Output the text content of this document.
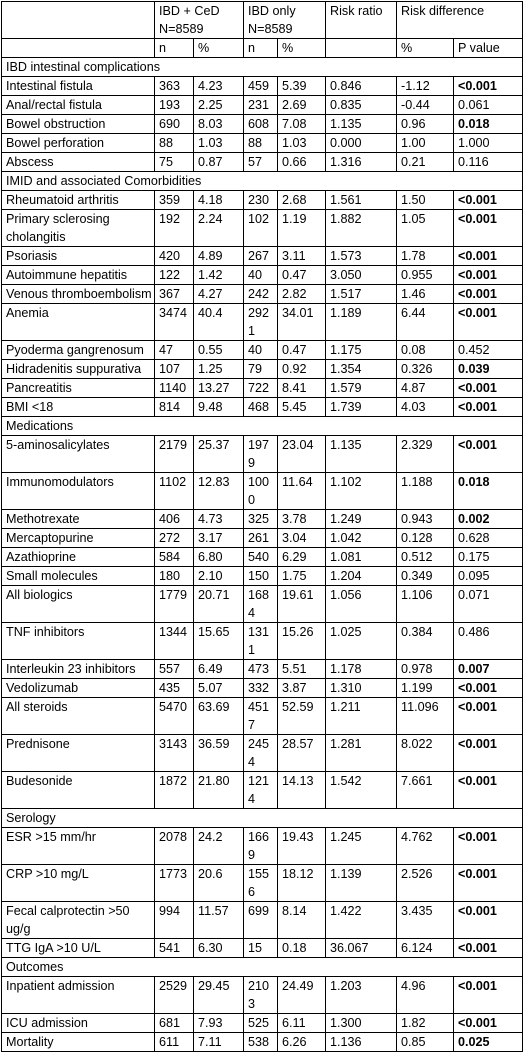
	IBD + CeD N=8589		IBD only N=8589		Risk ratio	Risk difference	
	n	%	n	%		%	P value
IBD intestinal complications							
Intestinal fistula	363	4.23	459	5.39	0.846	-1.12	<0.001
Anal/rectal fistula	193	2.25	231	2.69	0.835	-0.44	0.061
Bowel obstruction	690	8.03	608	7.08	1.135	0.96	0.018
Bowel perforation	88	1.03	88	1.03	0.000	1.00	1.000
Abscess	75	0.87	57	0.66	1.316	0.21	0.116
IMID and associated Comorbidities							
Rheumatoid arthritis	359	4.18	230	2.68	1.561	1.50	<0.001
Primary sclerosing cholangitis	192	2.24	102	1.19	1.882	1.05	<0.001
Psoriasis	420	4.89	267	3.11	1.573	1.78	<0.001
Autoimmune hepatitis	122	1.42	40	0.47	3.050	0.955	<0.001
Venous thromboembolism	367	4.27	242	2.82	1.517	1.46	<0.001
Anemia	3474	40.4	2921	34.01	1.189	6.44	<0.001
Pyoderma gangrenosum	47	0.55	40	0.47	1.175	0.08	0.452
Hidradenitis suppurativa	107	1.25	79	0.92	1.354	0.326	0.039
Pancreatitis	1140	13.27	722	8.41	1.579	4.87	<0.001
BMI <18	814	9.48	468	5.45	1.739	4.03	<0.001
Medications							
5-aminosalicylates	2179	25.37	1979	23.04	1.135	2.329	<0.001
Immunomodulators	1102	12.83	1000	11.64	1.102	1.188	0.018
Methotrexate	406	4.73	325	3.78	1.249	0.943	0.002
Mercaptopurine	272	3.17	261	3.04	1.042	0.128	0.628
Azathioprine	584	6.80	540	6.29	1.081	0.512	0.175
Small molecules	180	2.10	150	1.75	1.204	0.349	0.095
All biologics	1779	20.71	1684	19.61	1.056	1.106	0.071
TNF inhibitors	1344	15.65	1311	15.26	1.025	0.384	0.486
Interleukin 23 inhibitors	557	6.49	473	5.51	1.178	0.978	0.007
Vedolizumab	435	5.07	332	3.87	1.310	1.199	<0.001
All steroids	5470	63.69	4517	52.59	1.211	11.096	<0.001
Prednisone	3143	36.59	2454	28.57	1.281	8.022	<0.001
Budesonide	1872	21.80	1214	14.13	1.542	7.661	<0.001
Serology							
ESR >15 mm/hr	2078	24.2	1669	19.43	1.245	4.762	<0.001
CRP >10 mg/L	1773	20.6	1556	18.12	1.139	2.526	<0.001
Fecal calprotectin >50 ug/g	994	11.57	699	8.14	1.422	3.435	<0.001
TTG IgA >10 U/L	541	6.30	15	0.18	36.067	6.124	<0.001
Outcomes							
Inpatient admission	2529	29.45	2103	24.49	1.203	4.96	<0.001
ICU admission	681	7.93	525	6.11	1.300	1.82	<0.001
Mortality	611	7.11	538	6.26	1.136	0.85	0.025
